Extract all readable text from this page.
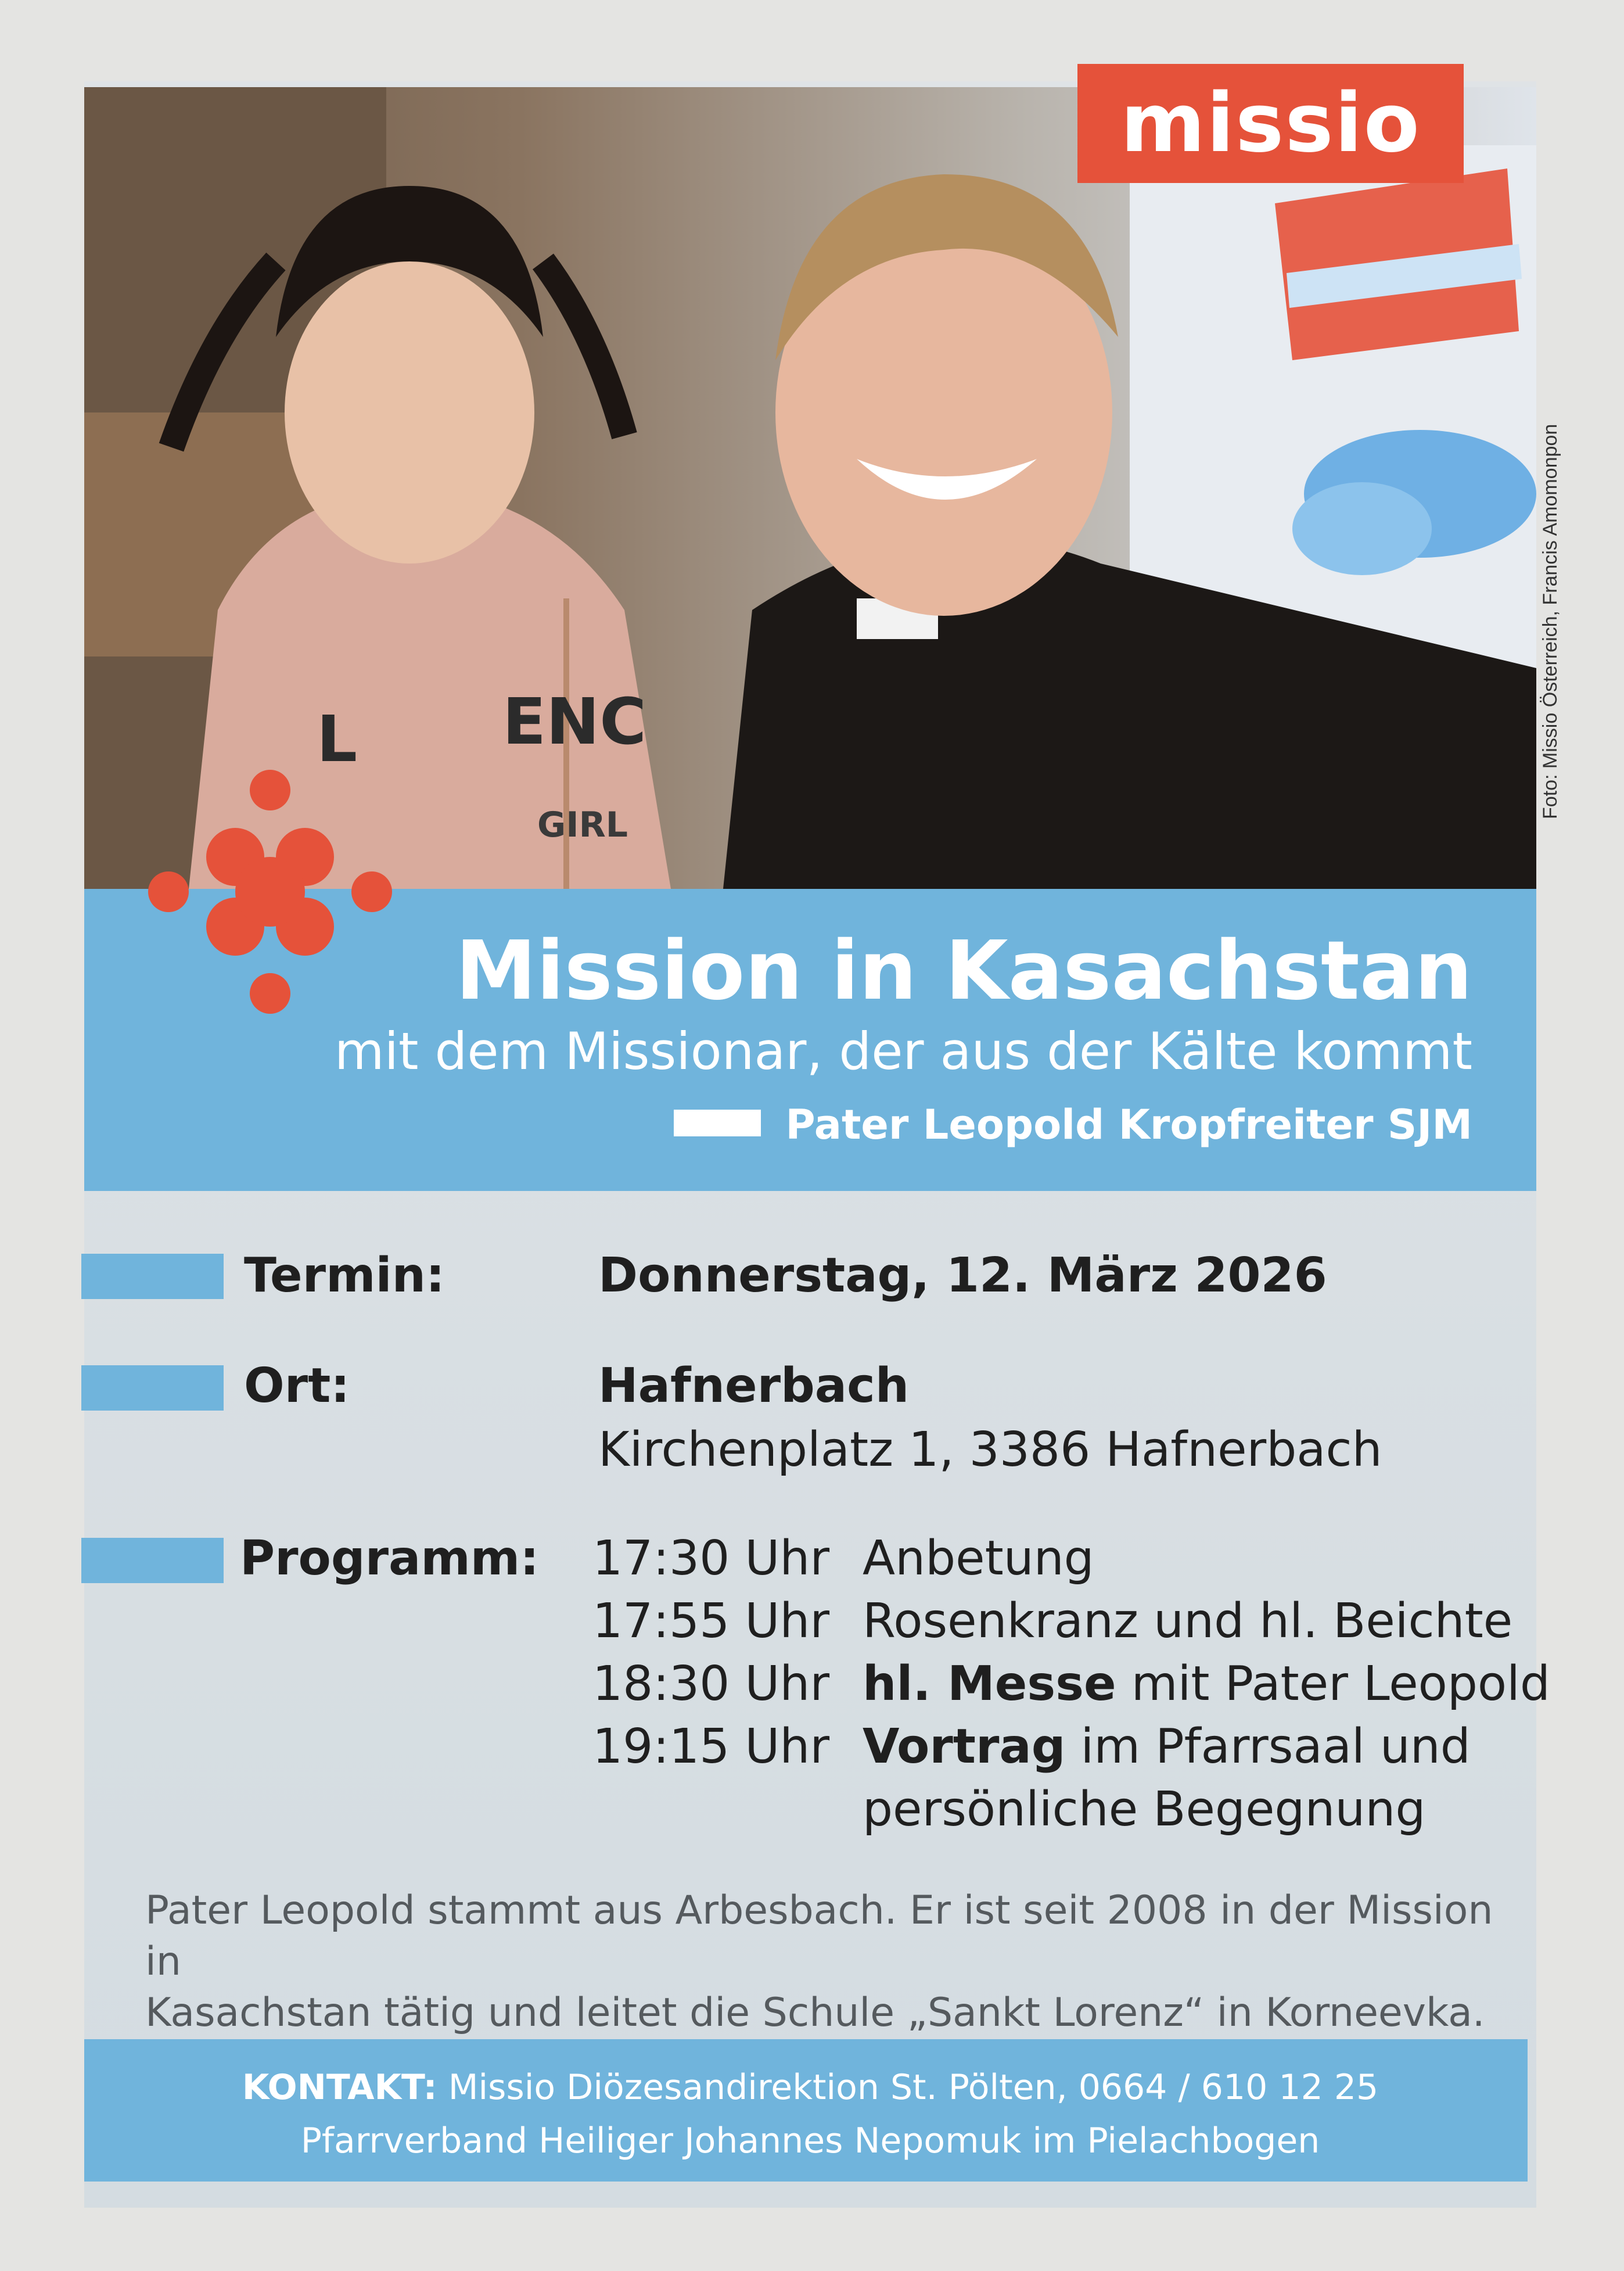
L ENC
GIRL
missio
Foto: Missio Österreich, Francis Amomonpon
Mission in Kasachstan
mit dem Missionar, der aus der Kälte kommt
Pater Leopold Kropfreiter SJM
Termin:	Donnerstag, 12. März 2026
Ort:	Hafnerbach
Kirchenplatz 1, 3386 Hafnerbach
Programm: 17:30 Uhr Anbetung
17:55 Uhr Rosenkranz und hl. Beichte
18:30 Uhr hl. Messe mit Pater Leopold
19:15 Uhr Vortrag im Pfarrsaal und
persönliche Begegnung
Pater Leopold stammt aus Arbesbach. Er ist seit 2008 in der Mission in
Kasachstan tätig und leitet die Schule „Sankt Lorenz“ in Korneevka.
KONTAKT: Missio Diözesandirektion St. Pölten, 0664 / 610 12 25
Pfarrverband Heiliger Johannes Nepomuk im Pielachbogen
